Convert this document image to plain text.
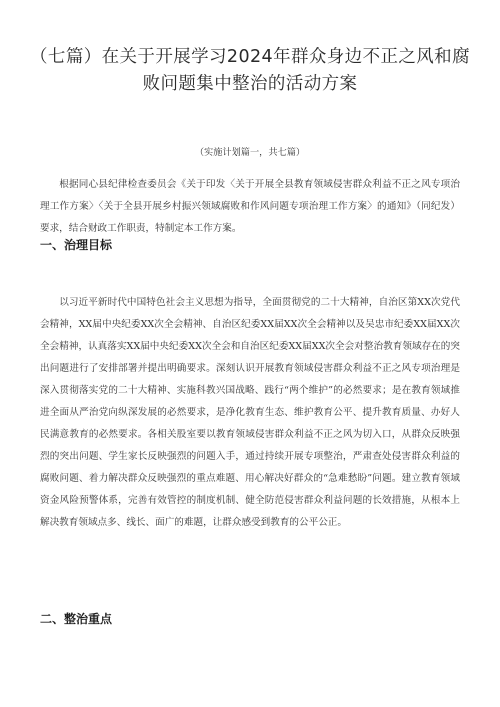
（七篇）在关于开展学习2024年群众身边不正之风和腐败问题集中整治的活动方案
（实施计划篇一，共七篇）

根据同心县纪律检查委员会《关于印发〈关于开展全县教育领域侵害群众利益不正之风专项治理工作方案〉〈关于全县开展乡村振兴领域腐败和作风问题专项治理工作方案〉的通知》（同纪发）要求，结合财政工作职责，特制定本工作方案。

一、治理目标

以习近平新时代中国特色社会主义思想为指导，全面贯彻党的二十大精神，自治区第XX次党代会精神，XX届中央纪委XX次全会精神、自治区纪委XX届XX次全会精神以及吴忠市纪委XX届XX次全会精神，认真落实XX届中央纪委XX次全会和自治区纪委XX届XX次全会对整治教育领域存在的突出问题进行了安排部署并提出明确要求。深刻认识开展教育领域侵害群众利益不正之风专项治理是深入贯彻落实党的二十大精神、实施科教兴国战略、践行“两个维护”的必然要求；是在教育领域推进全面从严治党向纵深发展的必然要求，是净化教育生态、维护教育公平、提升教育质量、办好人民满意教育的必然要求。各相关股室要以教育领域侵害群众利益不正之风为切入口，从群众反映强烈的突出问题、学生家长反映强烈的问题入手，通过持续开展专项整治，严肃查处侵害群众利益的腐败问题、着力解决群众反映强烈的重点难题、用心解决好群众的“急难愁盼”问题。建立教育领域资金风险预警体系，完善有效管控的制度机制、健全防范侵害群众利益问题的长效措施，从根本上解决教育领域点多、线长、面广的难题，让群众感受到教育的公平公正。

二、整治重点
